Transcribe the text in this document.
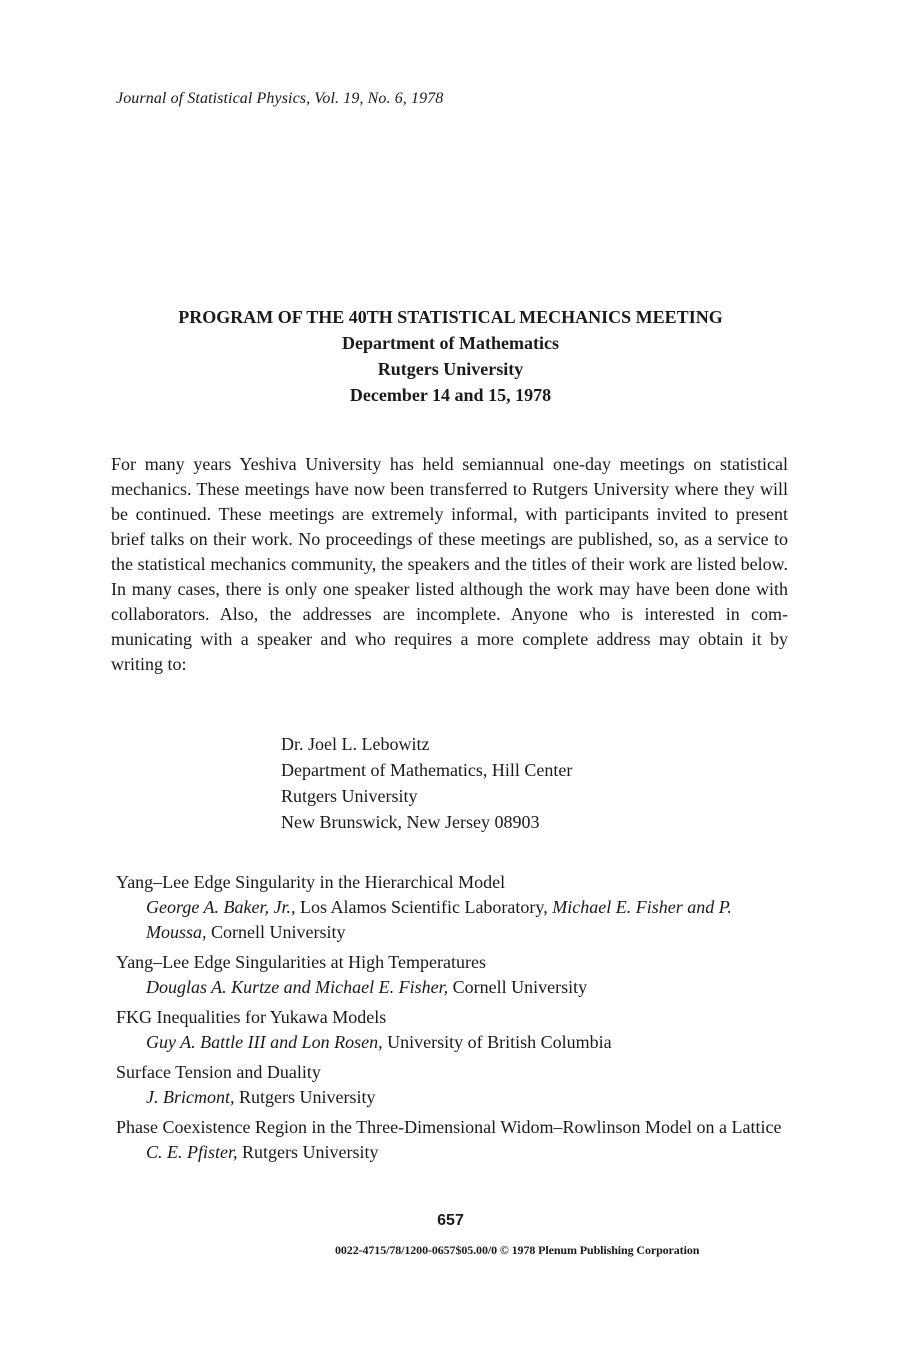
Journal of Statistical Physics, Vol. 19, No. 6, 1978
PROGRAM OF THE 40TH STATISTICAL MECHANICS MEETING
Department of Mathematics
Rutgers University
December 14 and 15, 1978
For many years Yeshiva University has held semiannual one-day meetings on statistical mechanics. These meetings have now been transferred to Rutgers University where they will be continued. These meetings are extremely informal, with participants invited to present brief talks on their work. No proceedings of these meetings are published, so, as a service to the statistical mechanics community, the speakers and the titles of their work are listed below. In many cases, there is only one speaker listed although the work may have been done with collaborators. Also, the addresses are incomplete. Anyone who is interested in communicating with a speaker and who requires a more complete address may obtain it by writing to:
Dr. Joel L. Lebowitz
Department of Mathematics, Hill Center
Rutgers University
New Brunswick, New Jersey 08903
Yang–Lee Edge Singularity in the Hierarchical Model
George A. Baker, Jr., Los Alamos Scientific Laboratory, Michael E. Fisher and P. Moussa, Cornell University
Yang–Lee Edge Singularities at High Temperatures
Douglas A. Kurtze and Michael E. Fisher, Cornell University
FKG Inequalities for Yukawa Models
Guy A. Battle III and Lon Rosen, University of British Columbia
Surface Tension and Duality
J. Bricmont, Rutgers University
Phase Coexistence Region in the Three-Dimensional Widom–Rowlinson Model on a Lattice
C. E. Pfister, Rutgers University
657
0022-4715/78/1200-0657$05.00/0 © 1978 Plenum Publishing Corporation
